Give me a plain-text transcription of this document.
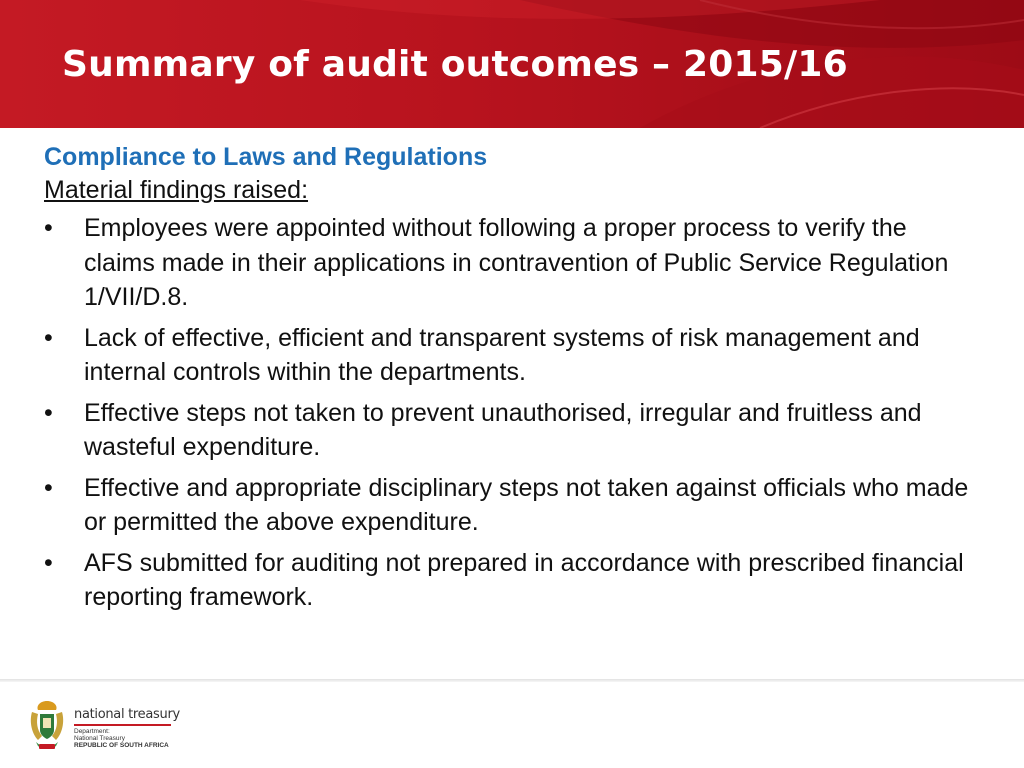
Summary of audit outcomes – 2015/16
Compliance to Laws and Regulations

Material findings raised:

• Employees were appointed without following a proper process to verify the claims made in their applications in contravention of Public Service Regulation 1/VII/D.8.
• Lack of effective, efficient and transparent systems of risk management and internal controls within the departments.
• Effective steps not taken to prevent unauthorised, irregular and fruitless and wasteful expenditure.
• Effective and appropriate disciplinary steps not taken against officials who made or permitted the above expenditure.
• AFS submitted for auditing not prepared in accordance with prescribed financial reporting framework.

national treasury

Department:

National Treasury

REPUBLIC OF SOUTH AFRICA
